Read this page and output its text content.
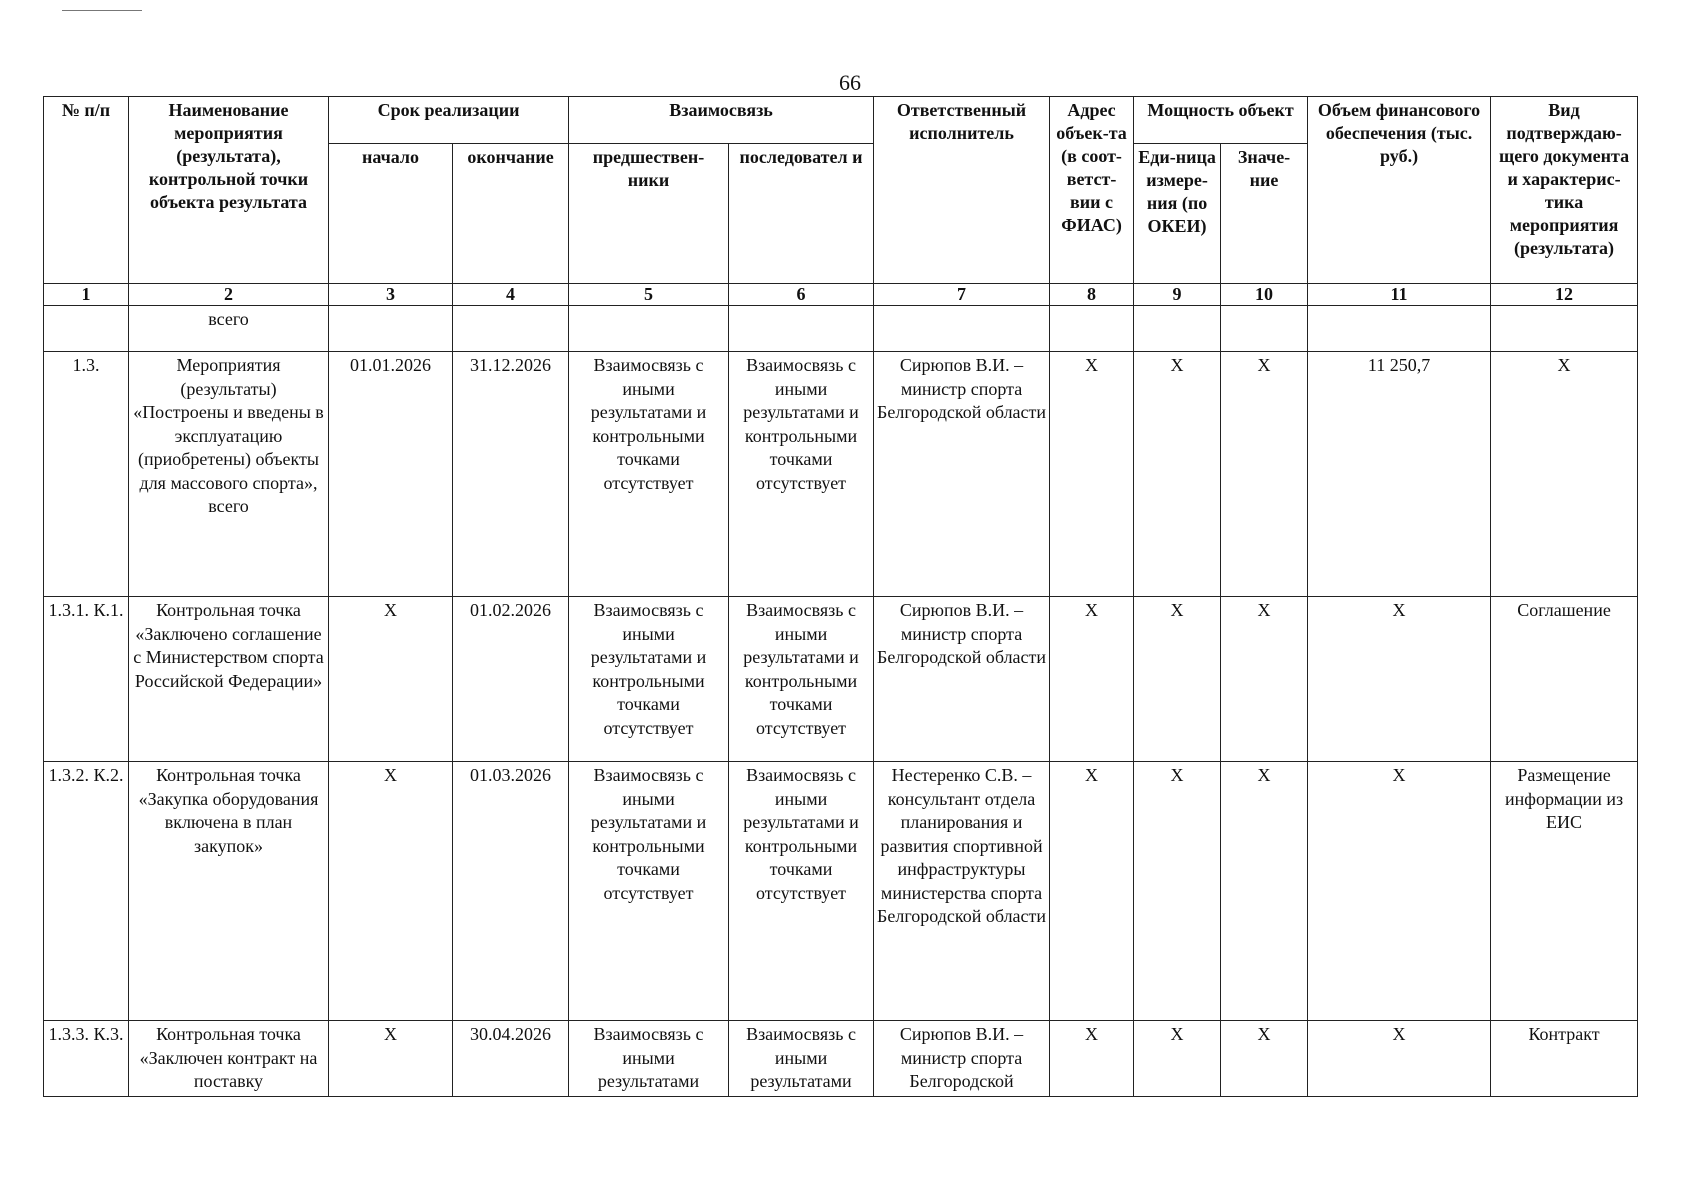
66
№ п/п	Наименование мероприятия (результата), контрольной точки объекта результата	Срок реализации		Взаимосвязь		Ответственный исполнитель	Адрес объек-та (в соот-ветст-вии с ФИАС)	Мощность объект		Объем финансового обеспечения (тыс. руб.)	Вид подтверждаю-щего документа и характерис-тика мероприятия (результата)
		начало	окончание	предшествен-ники	последовател и			Еди-ница измере-ния (по ОКЕИ)	Значе-ние		
1	2	3	4	5	6	7	8	9	10	11	12
	всего										
1.3.	Мероприятия (результаты) «Построены и введены в эксплуатацию (приобретены) объекты для массового спорта», всего	01.01.2026	31.12.2026	Взаимосвязь с иными результатами и контрольными точками отсутствует	Взаимосвязь с иными результатами и контрольными точками отсутствует	Сирюпов В.И. – министр спорта Белгородской области	X	X	X	11 250,7	X
1.3.1. К.1.	Контрольная точка «Заключено соглашение с Министерством спорта Российской Федерации»	X	01.02.2026	Взаимосвязь с иными результатами и контрольными точками отсутствует	Взаимосвязь с иными результатами и контрольными точками отсутствует	Сирюпов В.И. – министр спорта Белгородской области	X	X	X	X	Соглашение
1.3.2. К.2.	Контрольная точка «Закупка оборудования включена в план закупок»	X	01.03.2026	Взаимосвязь с иными результатами и контрольными точками отсутствует	Взаимосвязь с иными результатами и контрольными точками отсутствует	Нестеренко С.В. – консультант отдела планирования и развития спортивной инфраструктуры министерства спорта Белгородской области	X	X	X	X	Размещение информации из ЕИС
1.3.3. К.3.	Контрольная точка «Заключен контракт на поставку	X	30.04.2026	Взаимосвязь с иными результатами	Взаимосвязь с иными результатами	Сирюпов В.И. – министр спорта Белгородской	X	X	X	X	Контракт
